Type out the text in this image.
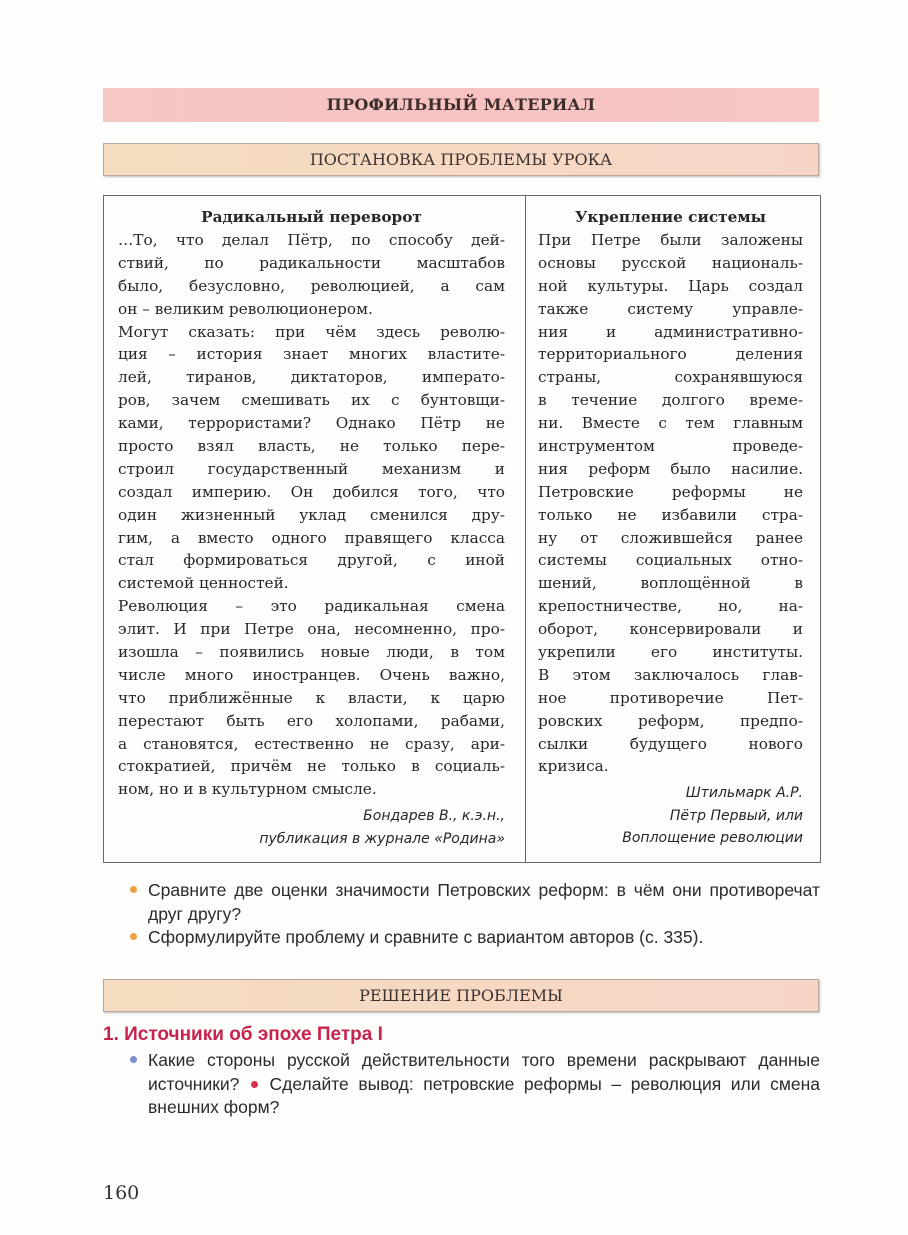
ПРОФИЛЬНЫЙ МАТЕРИАЛ
ПОСТАНОВКА ПРОБЛЕМЫ УРОКА
Радикальный переворот
…То, что делал Пётр, по способу дей-
ствий, по радикальности масштабов
было, безусловно, революцией, а сам
он – великим революционером.
Могут сказать: при чём здесь револю-
ция – история знает многих властите-
лей, тиранов, диктаторов, императо-
ров, зачем смешивать их с бунтовщи-
ками, террористами? Однако Пётр не
просто взял власть, не только пере-
строил государственный механизм и
создал империю. Он добился того, что
один жизненный уклад сменился дру-
гим, а вместо одного правящего класса
стал формироваться другой, с иной
системой ценностей.
Революция – это радикальная смена
элит. И при Петре она, несомненно, про-
изошла – появились новые люди, в том
числе много иностранцев. Очень важно,
что приближённые к власти, к царю
перестают быть его холопами, рабами,
а становятся, естественно не сразу, ари-
стократией, причём не только в социаль-
ном, но и в культурном смысле.
Бондарев В., к.э.н.,
публикация в журнале «Родина»
Укрепление системы
При Петре были заложены
основы русской националь-
ной культуры. Царь создал
также систему управле-
ния и административно-
территориального деления
страны, сохранявшуюся
в течение долгого време-
ни. Вместе с тем главным
инструментом проведе-
ния реформ было насилие.
Петровские реформы не
только не избавили стра-
ну от сложившейся ранее
системы социальных отно-
шений, воплощённой в
крепостничестве, но, на-
оборот, консервировали и
укрепили его институты.
В этом заключалось глав-
ное противоречие Пет-
ровских реформ, предпо-
сылки будущего нового
кризиса.
Штильмарк А.Р.
Пётр Первый, или
Воплощение революции
Сравните две оценки значимости Петровских реформ: в чём они противоречат друг другу?
Сформулируйте проблему и сравните с вариантом авторов (с. 335).
РЕШЕНИЕ ПРОБЛЕМЫ
1. Источники об эпохе Петра I
Какие стороны русской действительности того времени раскрывают данные источники? Сделайте вывод: петровские реформы – революция или смена внешних форм?
160
